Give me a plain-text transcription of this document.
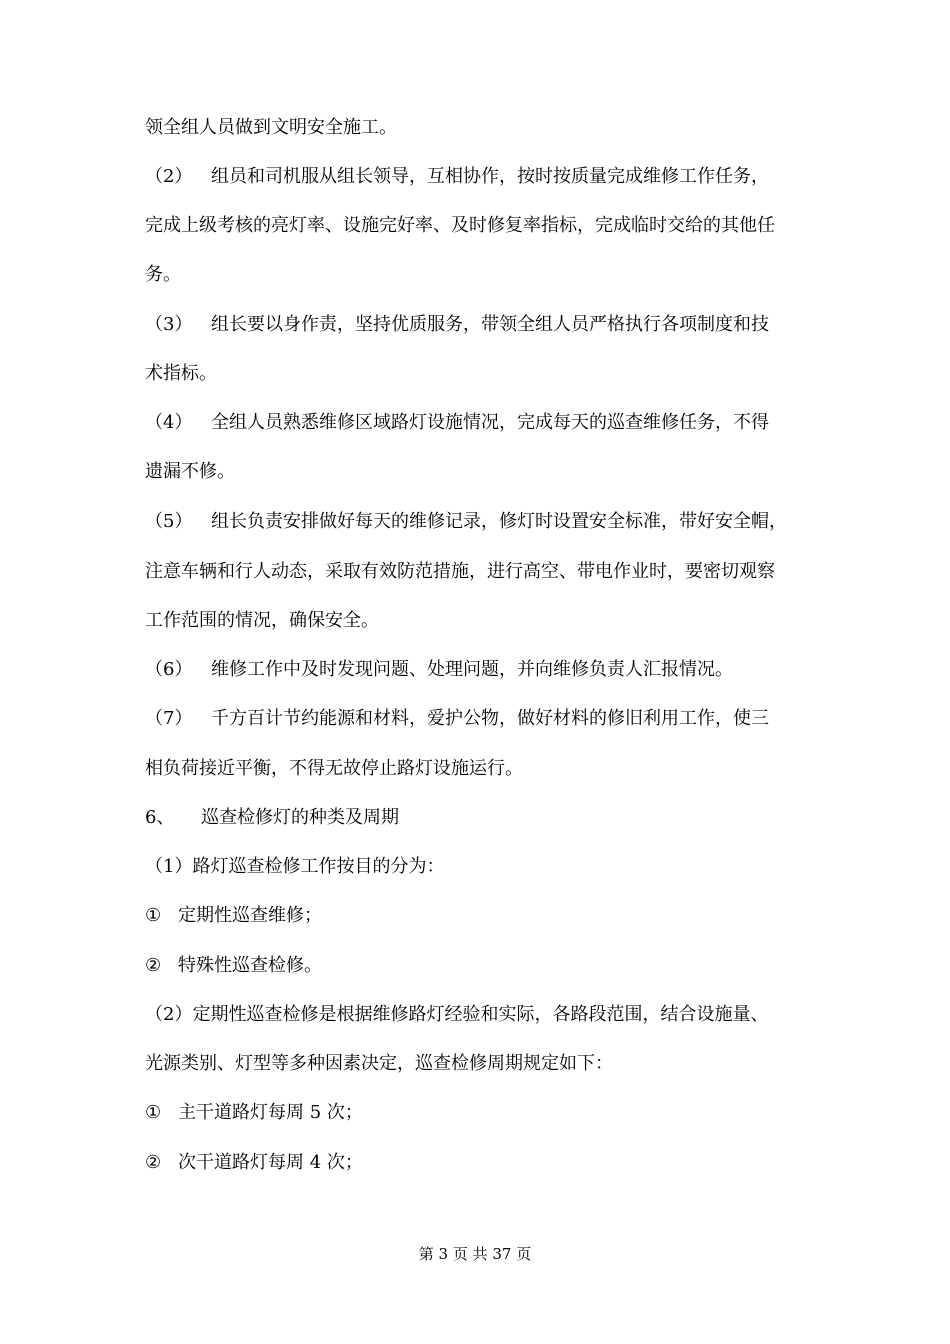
领全组人员做到文明安全施工。
（2） 组员和司机服从组长领导，互相协作，按时按质量完成维修工作任务，
完成上级考核的亮灯率、设施完好率、及时修复率指标，完成临时交给的其他任
务。
（3） 组长要以身作责，坚持优质服务，带领全组人员严格执行各项制度和技
术指标。
（4） 全组人员熟悉维修区域路灯设施情况，完成每天的巡查维修任务，不得
遗漏不修。
（5） 组长负责安排做好每天的维修记录，修灯时设置安全标准，带好安全帽，
注意车辆和行人动态，采取有效防范措施，进行高空、带电作业时，要密切观察
工作范围的情况，确保安全。
（6） 维修工作中及时发现问题、处理问题，并向维修负责人汇报情况。
（7） 千方百计节约能源和材料，爱护公物，做好材料的修旧利用工作，使三
相负荷接近平衡，不得无故停止路灯设施运行。
6、 巡查检修灯的种类及周期
（1）路灯巡查检修工作按目的分为：
① 定期性巡查维修；
② 特殊性巡查检修。
（2）定期性巡查检修是根据维修路灯经验和实际，各路段范围，结合设施量、
光源类别、灯型等多种因素决定，巡查检修周期规定如下：
① 主干道路灯每周 5 次；
② 次干道路灯每周 4 次；
第 3 页 共 37 页
